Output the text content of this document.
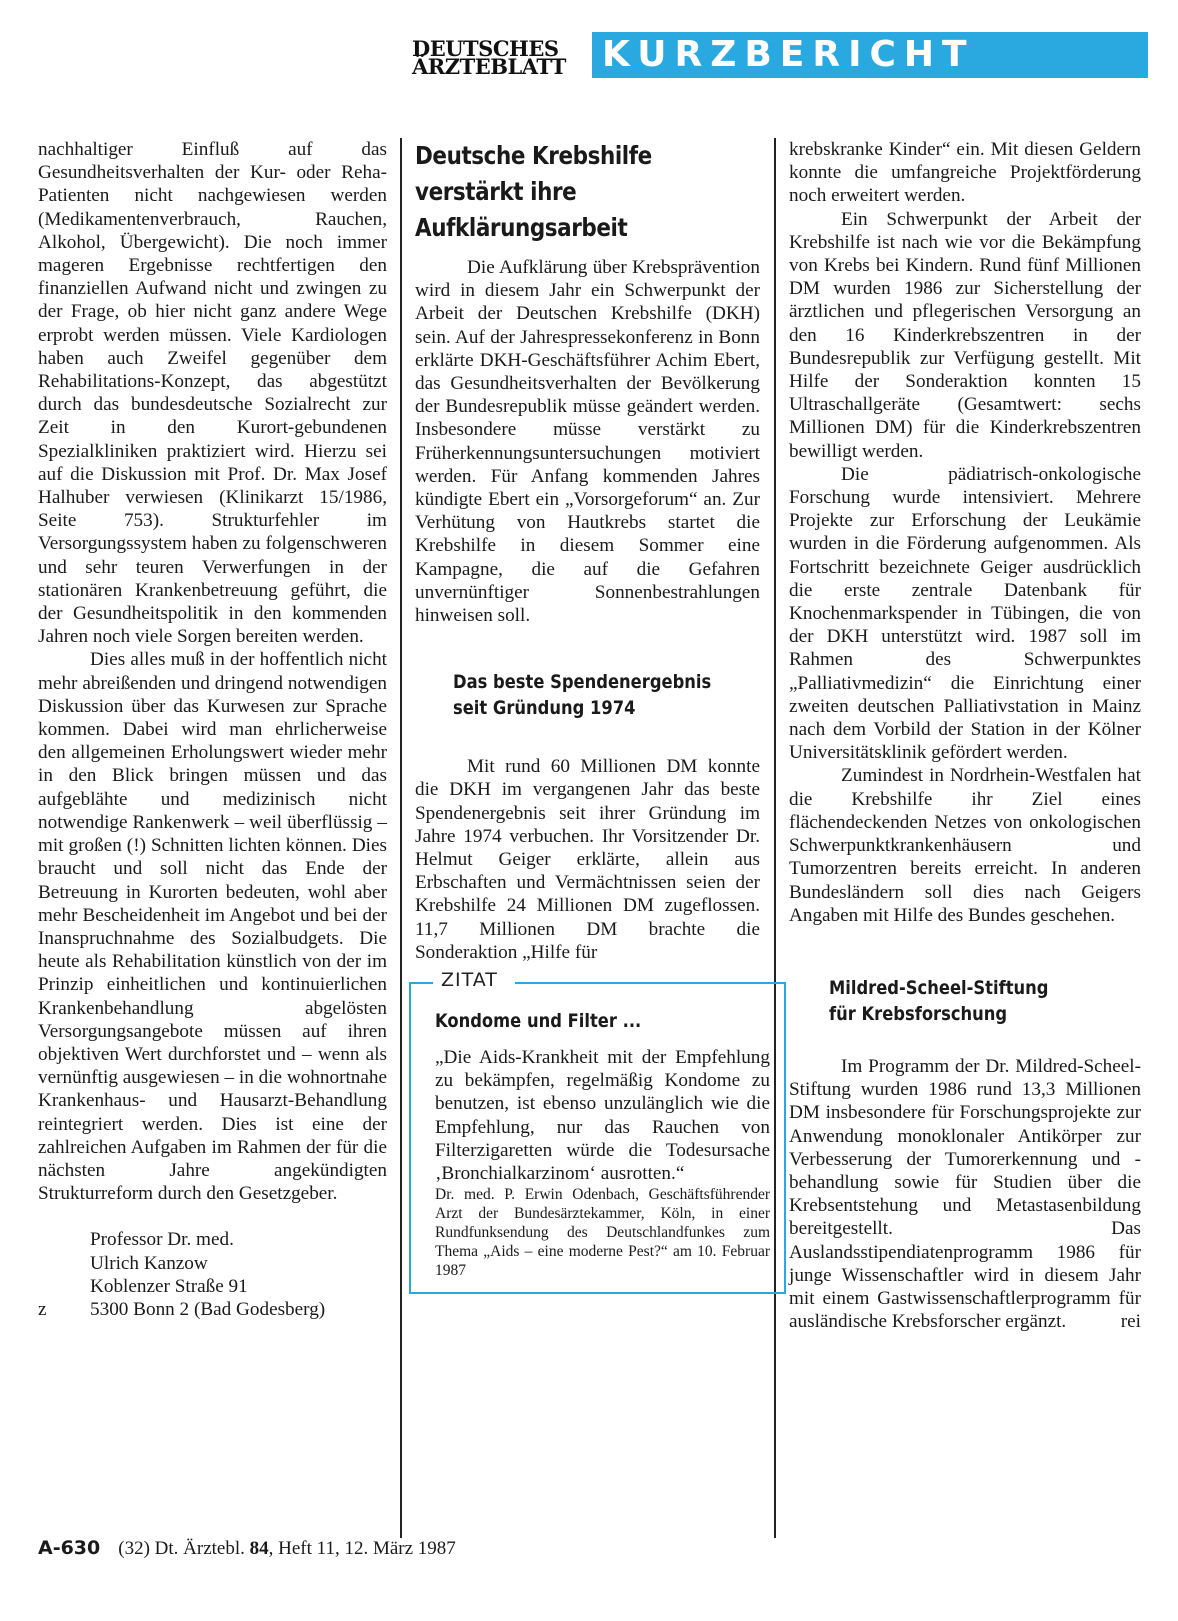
DEUTSCHES
ÄRZTEBLATT	KURZBERICHT

nachhaltiger Einfluß auf das Gesundheitsverhalten der Kur- oder Reha-Patienten nicht nachgewiesen werden (Medikamentenverbrauch, Rauchen, Alkohol, Übergewicht). Die noch immer mageren Ergebnisse rechtfertigen den finanziellen Aufwand nicht und zwingen zu der Frage, ob hier nicht ganz andere Wege erprobt werden müssen. Viele Kardiologen haben auch Zweifel gegenüber dem Rehabilitations-Konzept, das abgestützt durch das bundesdeutsche Sozialrecht zur Zeit in den Kurort-gebundenen Spezialkliniken praktiziert wird. Hierzu sei auf die Diskussion mit Prof. Dr. Max Josef Halhuber verwiesen (Klinikarzt 15/1986, Seite 753). Strukturfehler im Versorgungssystem haben zu folgenschweren und sehr teuren Verwerfungen in der stationären Krankenbetreuung geführt, die der Gesundheitspolitik in den kommenden Jahren noch viele Sorgen bereiten werden.

Dies alles muß in der hoffentlich nicht mehr abreißenden und dringend notwendigen Diskussion über das Kurwesen zur Sprache kommen. Dabei wird man ehrlicherweise den allgemeinen Erholungswert wieder mehr in den Blick bringen müssen und das aufgeblähte und medizinisch nicht notwendige Rankenwerk – weil überflüssig – mit großen (!) Schnitten lichten können. Dies braucht und soll nicht das Ende der Betreuung in Kurorten bedeuten, wohl aber mehr Bescheidenheit im Angebot und bei der Inanspruchnahme des Sozialbudgets. Die heute als Rehabilitation künstlich von der im Prinzip einheitlichen und kontinuierlichen Krankenbehandlung abgelösten Versorgungsangebote müssen auf ihren objektiven Wert durchforstet und – wenn als vernünftig ausgewiesen – in die wohnortnahe Krankenhaus- und Hausarzt-Behandlung reintegriert werden. Dies ist eine der zahlreichen Aufgaben im Rahmen der für die nächsten Jahre angekündigten Strukturreform durch den Gesetzgeber.

Professor Dr. med.
Ulrich Kanzow
Koblenzer Straße 91
z 5300 Bonn 2 (Bad Godesberg)
Deutsche Krebshilfe
verstärkt ihre
Aufklärungsarbeit

Die Aufklärung über Krebsprävention wird in diesem Jahr ein Schwerpunkt der Arbeit der Deutschen Krebshilfe (DKH) sein. Auf der Jahrespressekonferenz in Bonn erklärte DKH-Geschäftsführer Achim Ebert, das Gesundheitsverhalten der Bevölkerung der Bundesrepublik müsse geändert werden. Insbesondere müsse verstärkt zu Früherkennungsuntersuchungen motiviert werden. Für Anfang kommenden Jahres kündigte Ebert ein „Vorsorgeforum“ an. Zur Verhütung von Hautkrebs startet die Krebshilfe in diesem Sommer eine Kampagne, die auf die Gefahren unvernünftiger Sonnenbestrahlungen hinweisen soll.

Das beste Spendenergebnis
seit Gründung 1974

Mit rund 60 Millionen DM konnte die DKH im vergangenen Jahr das beste Spendenergebnis seit ihrer Gründung im Jahre 1974 verbuchen. Ihr Vorsitzender Dr. Helmut Geiger erklärte, allein aus Erbschaften und Vermächtnissen seien der Krebshilfe 24 Millionen DM zugeflossen. 11,7 Millionen DM brachte die Sonderaktion „Hilfe für

ZITAT
Kondome und Filter ...

„Die Aids-Krankheit mit der Empfehlung zu bekämpfen, regelmäßig Kondome zu benutzen, ist ebenso unzulänglich wie die Empfehlung, nur das Rauchen von Filterzigaretten würde die Todesursache ‚Bronchialkarzinom‘ ausrotten.“

Dr. med. P. Erwin Odenbach, Geschäftsführender Arzt der Bundesärztekammer, Köln, in einer Rundfunksendung des Deutschlandfunkes zum Thema „Aids – eine moderne Pest?“ am 10. Februar 1987

krebskranke Kinder“ ein. Mit diesen Geldern konnte die umfangreiche Projektförderung noch erweitert werden.

Ein Schwerpunkt der Arbeit der Krebshilfe ist nach wie vor die Bekämpfung von Krebs bei Kindern. Rund fünf Millionen DM wurden 1986 zur Sicherstellung der ärztlichen und pflegerischen Versorgung an den 16 Kinderkrebszentren in der Bundesrepublik zur Verfügung gestellt. Mit Hilfe der Sonderaktion konnten 15 Ultraschallgeräte (Gesamtwert: sechs Millionen DM) für die Kinderkrebszentren bewilligt werden.

Die pädiatrisch-onkologische Forschung wurde intensiviert. Mehrere Projekte zur Erforschung der Leukämie wurden in die Förderung aufgenommen. Als Fortschritt bezeichnete Geiger ausdrücklich die erste zentrale Datenbank für Knochenmarkspender in Tübingen, die von der DKH unterstützt wird. 1987 soll im Rahmen des Schwerpunktes „Palliativmedizin“ die Einrichtung einer zweiten deutschen Palliativstation in Mainz nach dem Vorbild der Station in der Kölner Universitätsklinik gefördert werden.

Zumindest in Nordrhein-Westfalen hat die Krebshilfe ihr Ziel eines flächendeckenden Netzes von onkologischen Schwerpunktkrankenhäusern und Tumorzentren bereits erreicht. In anderen Bundesländern soll dies nach Geigers Angaben mit Hilfe des Bundes geschehen.

Mildred-Scheel-Stiftung
für Krebsforschung

Im Programm der Dr. Mildred-Scheel-Stiftung wurden 1986 rund 13,3 Millionen DM insbesondere für Forschungsprojekte zur Anwendung monoklonaler Antikörper zur Verbesserung der Tumorerkennung und -behandlung sowie für Studien über die Krebsentstehung und Metastasenbildung bereitgestellt. Das Auslandsstipendiatenprogramm 1986 für junge Wissenschaftler wird in diesem Jahr mit einem Gastwissenschaftlerprogramm für ausländische Krebsforscher ergänzt.	rei

A-630 (32) Dt. Ärztebl. 84, Heft 11, 12. März 1987
